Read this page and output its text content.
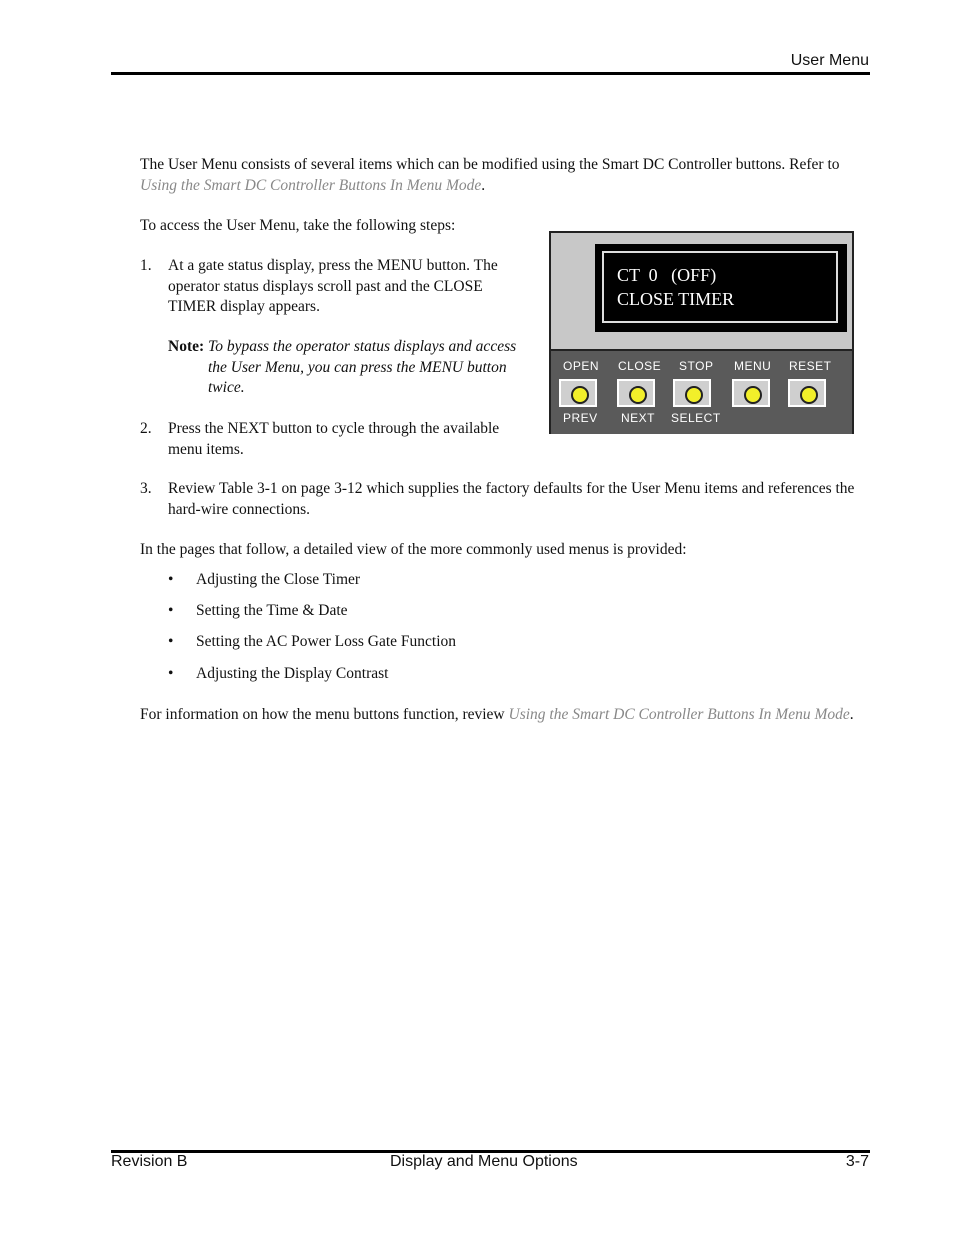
User Menu
The User Menu consists of several items which can be modified using the Smart DC Controller buttons. Refer to Using the Smart DC Controller Buttons In Menu Mode.
To access the User Menu, take the following steps:
1. At a gate status display, press the MENU button. The operator status displays scroll past and the CLOSE TIMER display appears.
Note: To bypass the operator status displays and access the User Menu, you can press the MENU button twice.
2. Press the NEXT button to cycle through the available menu items.
3. Review Table 3-1 on page 3-12 which supplies the factory defaults for the User Menu items and references the hard-wire connections.
In the pages that follow, a detailed view of the more commonly used menus is provided:
• Adjusting the Close Timer
• Setting the Time & Date
• Setting the AC Power Loss Gate Function
• Adjusting the Display Contrast
For information on how the menu buttons function, review Using the Smart DC Controller Buttons In Menu Mode.
CT  0   (OFF)
CLOSE TIMER
OPEN
PREV
CLOSE
NEXT
STOP
SELECT
MENU RESET
Revision B	Display and Menu Options	3-7
